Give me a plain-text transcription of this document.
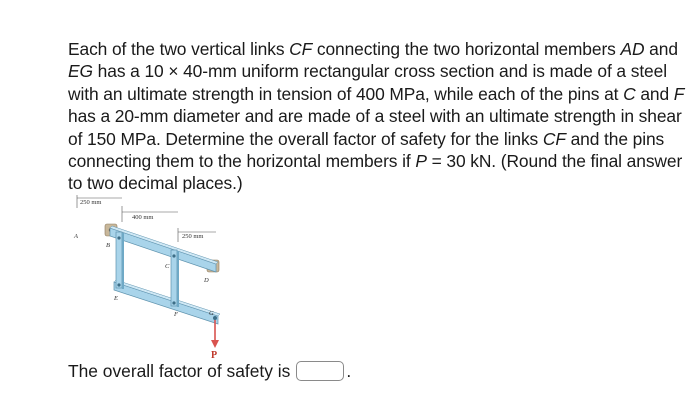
Each of the two vertical links CF connecting the two horizontal members AD and
EG has a 10 × 40-mm uniform rectangular cross section and is made of a steel
with an ultimate strength in tension of 400 MPa, while each of the pins at C and F
has a 20-mm diameter and are made of a steel with an ultimate strength in shear
of 150 MPa. Determine the overall factor of safety for the links CF and the pins
connecting them to the horizontal members if P = 30 kN. (Round the final answer
to two decimal places.)
250 mm
400 mm
250 mm
A
B
C
D
E
F	G
P
The overall factor of safety is	.
